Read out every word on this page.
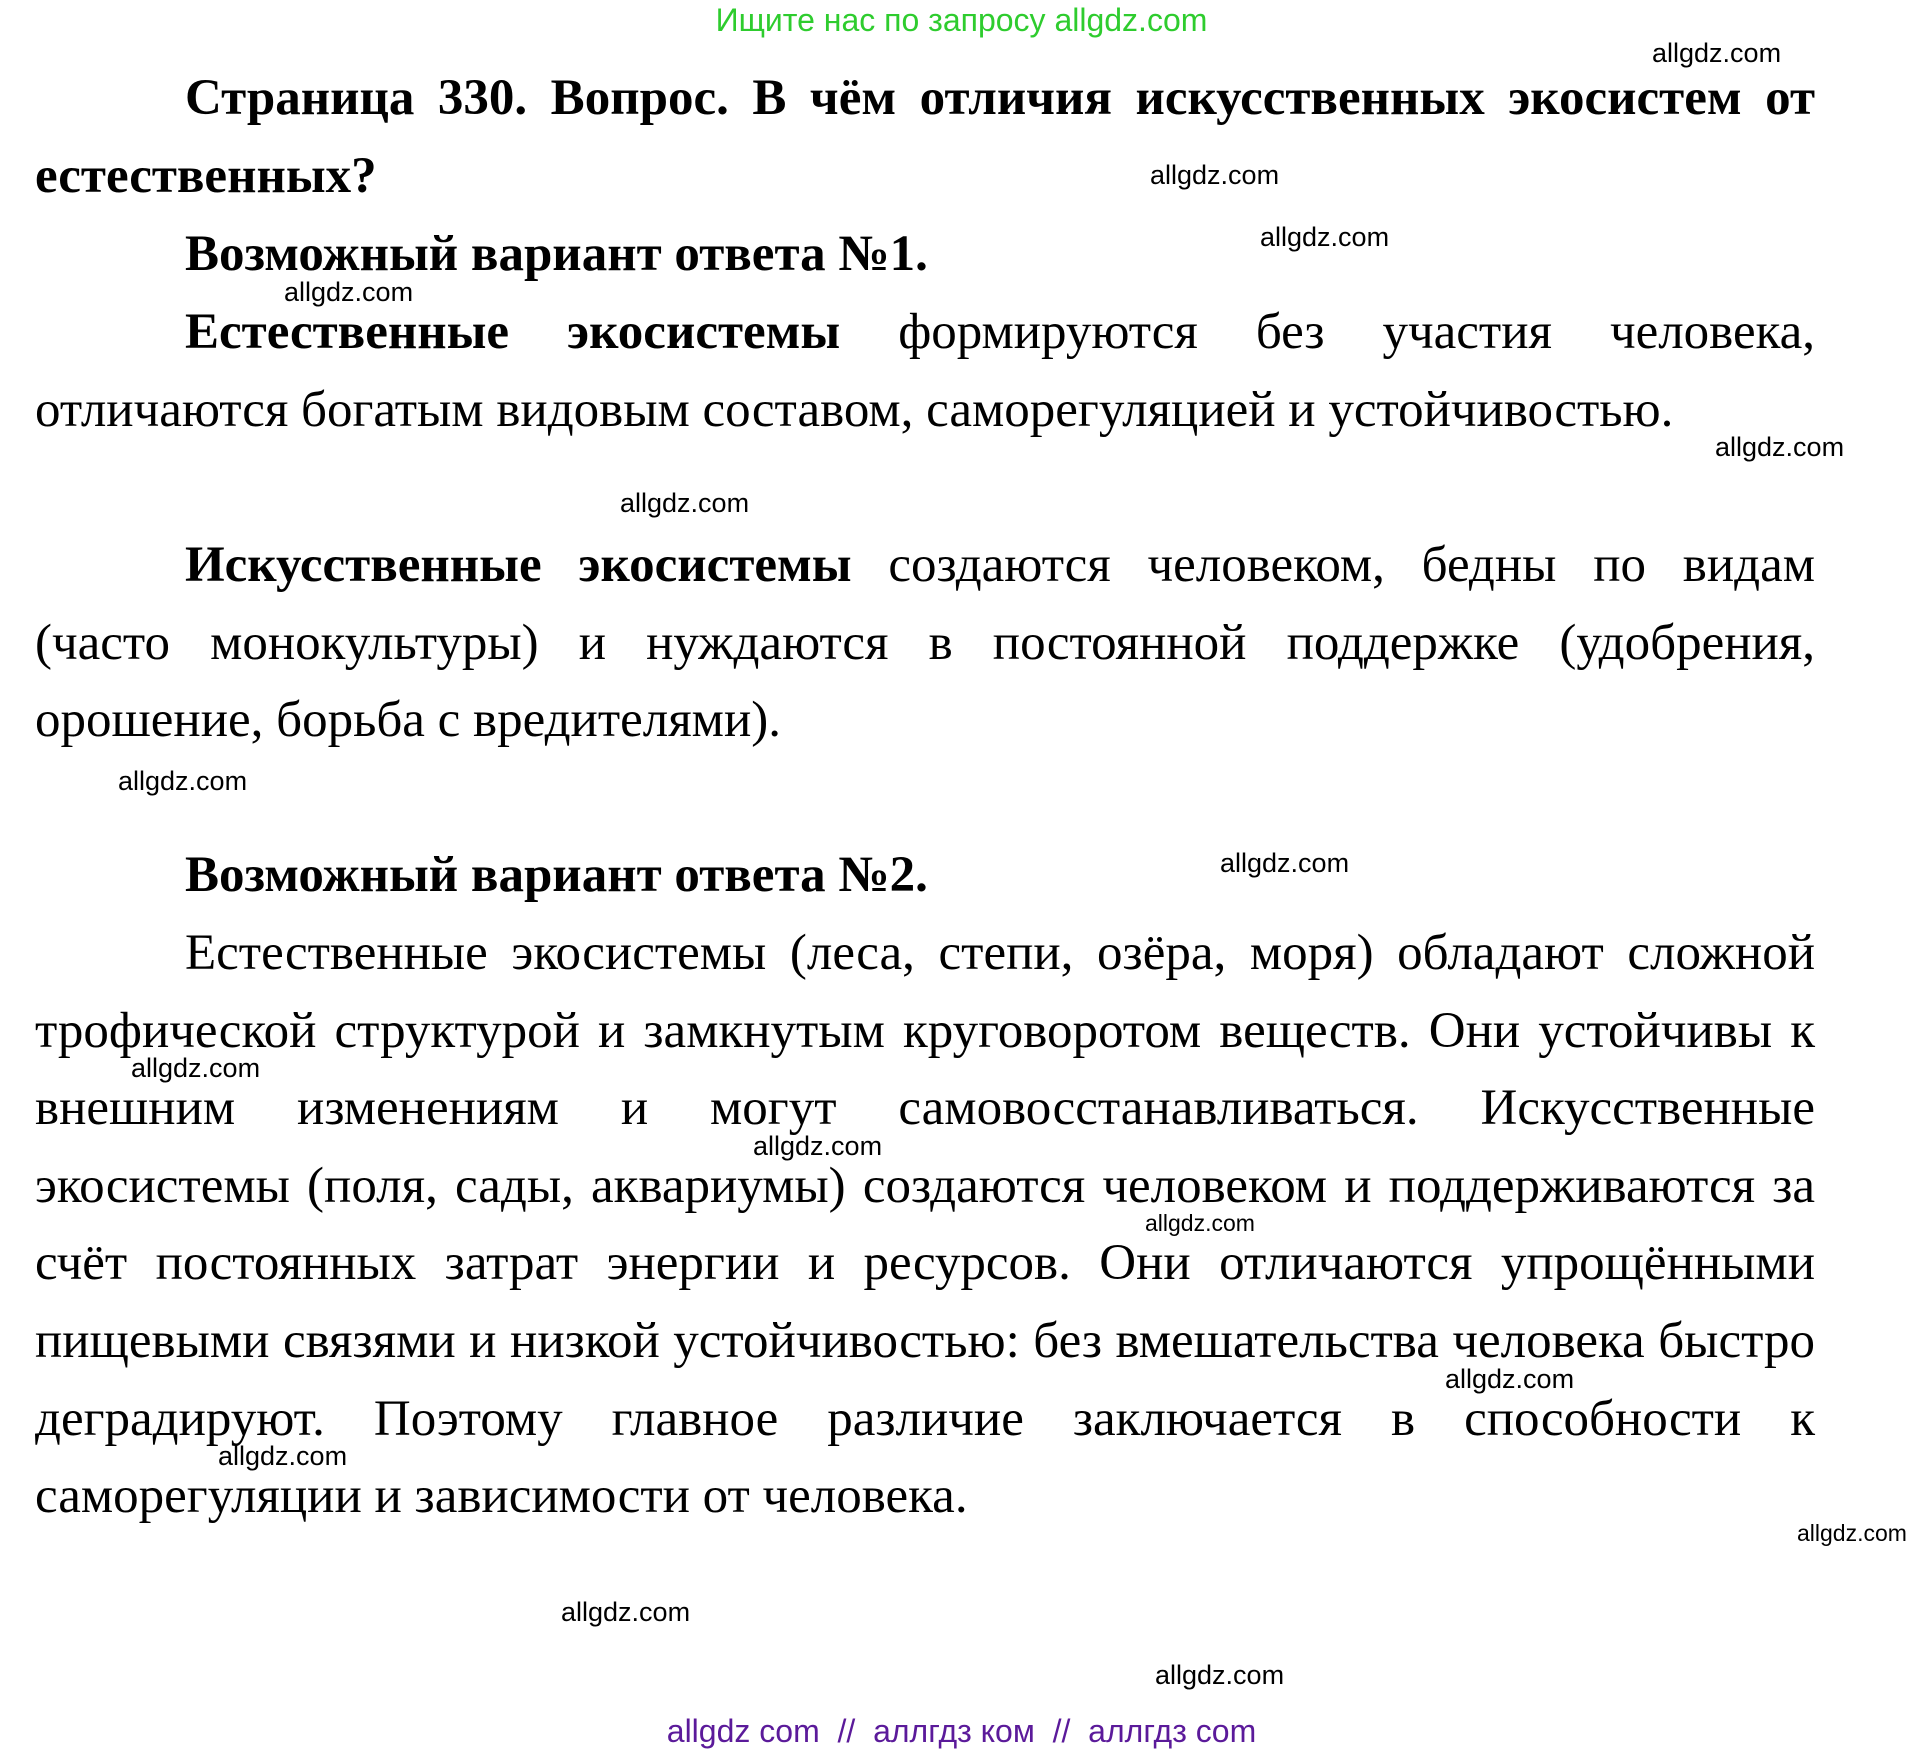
Ищите нас по запросу allgdz.com
Страница 330. Вопрос. В чём отличия искусственных экосистем от естественных?
Возможный вариант ответа №1.
Естественные экосистемы формируются без участия человека, отличаются богатым видовым составом, саморегуляцией и устойчивостью.
Искусственные экосистемы создаются человеком, бедны по видам (часто монокультуры) и нуждаются в постоянной поддержке (удобрения, орошение, борьба с вредителями).
Возможный вариант ответа №2.
Естественные экосистемы (леса, степи, озёра, моря) обладают сложной трофической структурой и замкнутым круговоротом веществ. Они устойчивы к внешним изменениям и могут самовосстанавливаться. Искусственные экосистемы (поля, сады, аквариумы) создаются человеком и поддерживаются за счёт постоянных затрат энергии и ресурсов. Они отличаются упрощёнными пищевыми связями и низкой устойчивостью: без вмешательства человека быстро деградируют. Поэтому главное различие заключается в способности к саморегуляции и зависимости от человека.
allgdz.com
allgdz.com
allgdz.com
allgdz.com
allgdz.com
allgdz.com
allgdz.com
allgdz.com
allgdz.com
allgdz.com
allgdz.com
allgdz.com
allgdz.com
allgdz.com
allgdz.com
allgdz.com
allgdz com  //  аллгдз ком  //  аллгдз com
